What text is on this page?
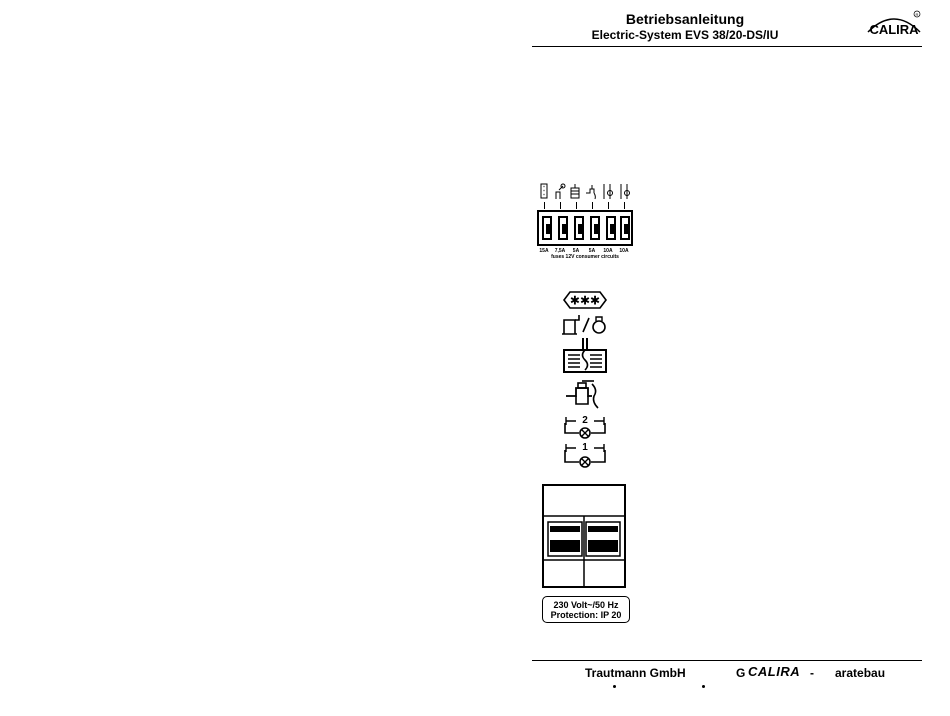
Betriebsanleitung
Electric-System EVS 38/20-DS/IU	CALIRA
R
*
*
*
15A	7,5A	5A	5A	10A	10A
fuses 12V consumer circuits
✱✱✱
2
1
230 Volt~/50 Hz
Protection: IP 20
Trautmann GmbH	G CALIRA - aratebau
